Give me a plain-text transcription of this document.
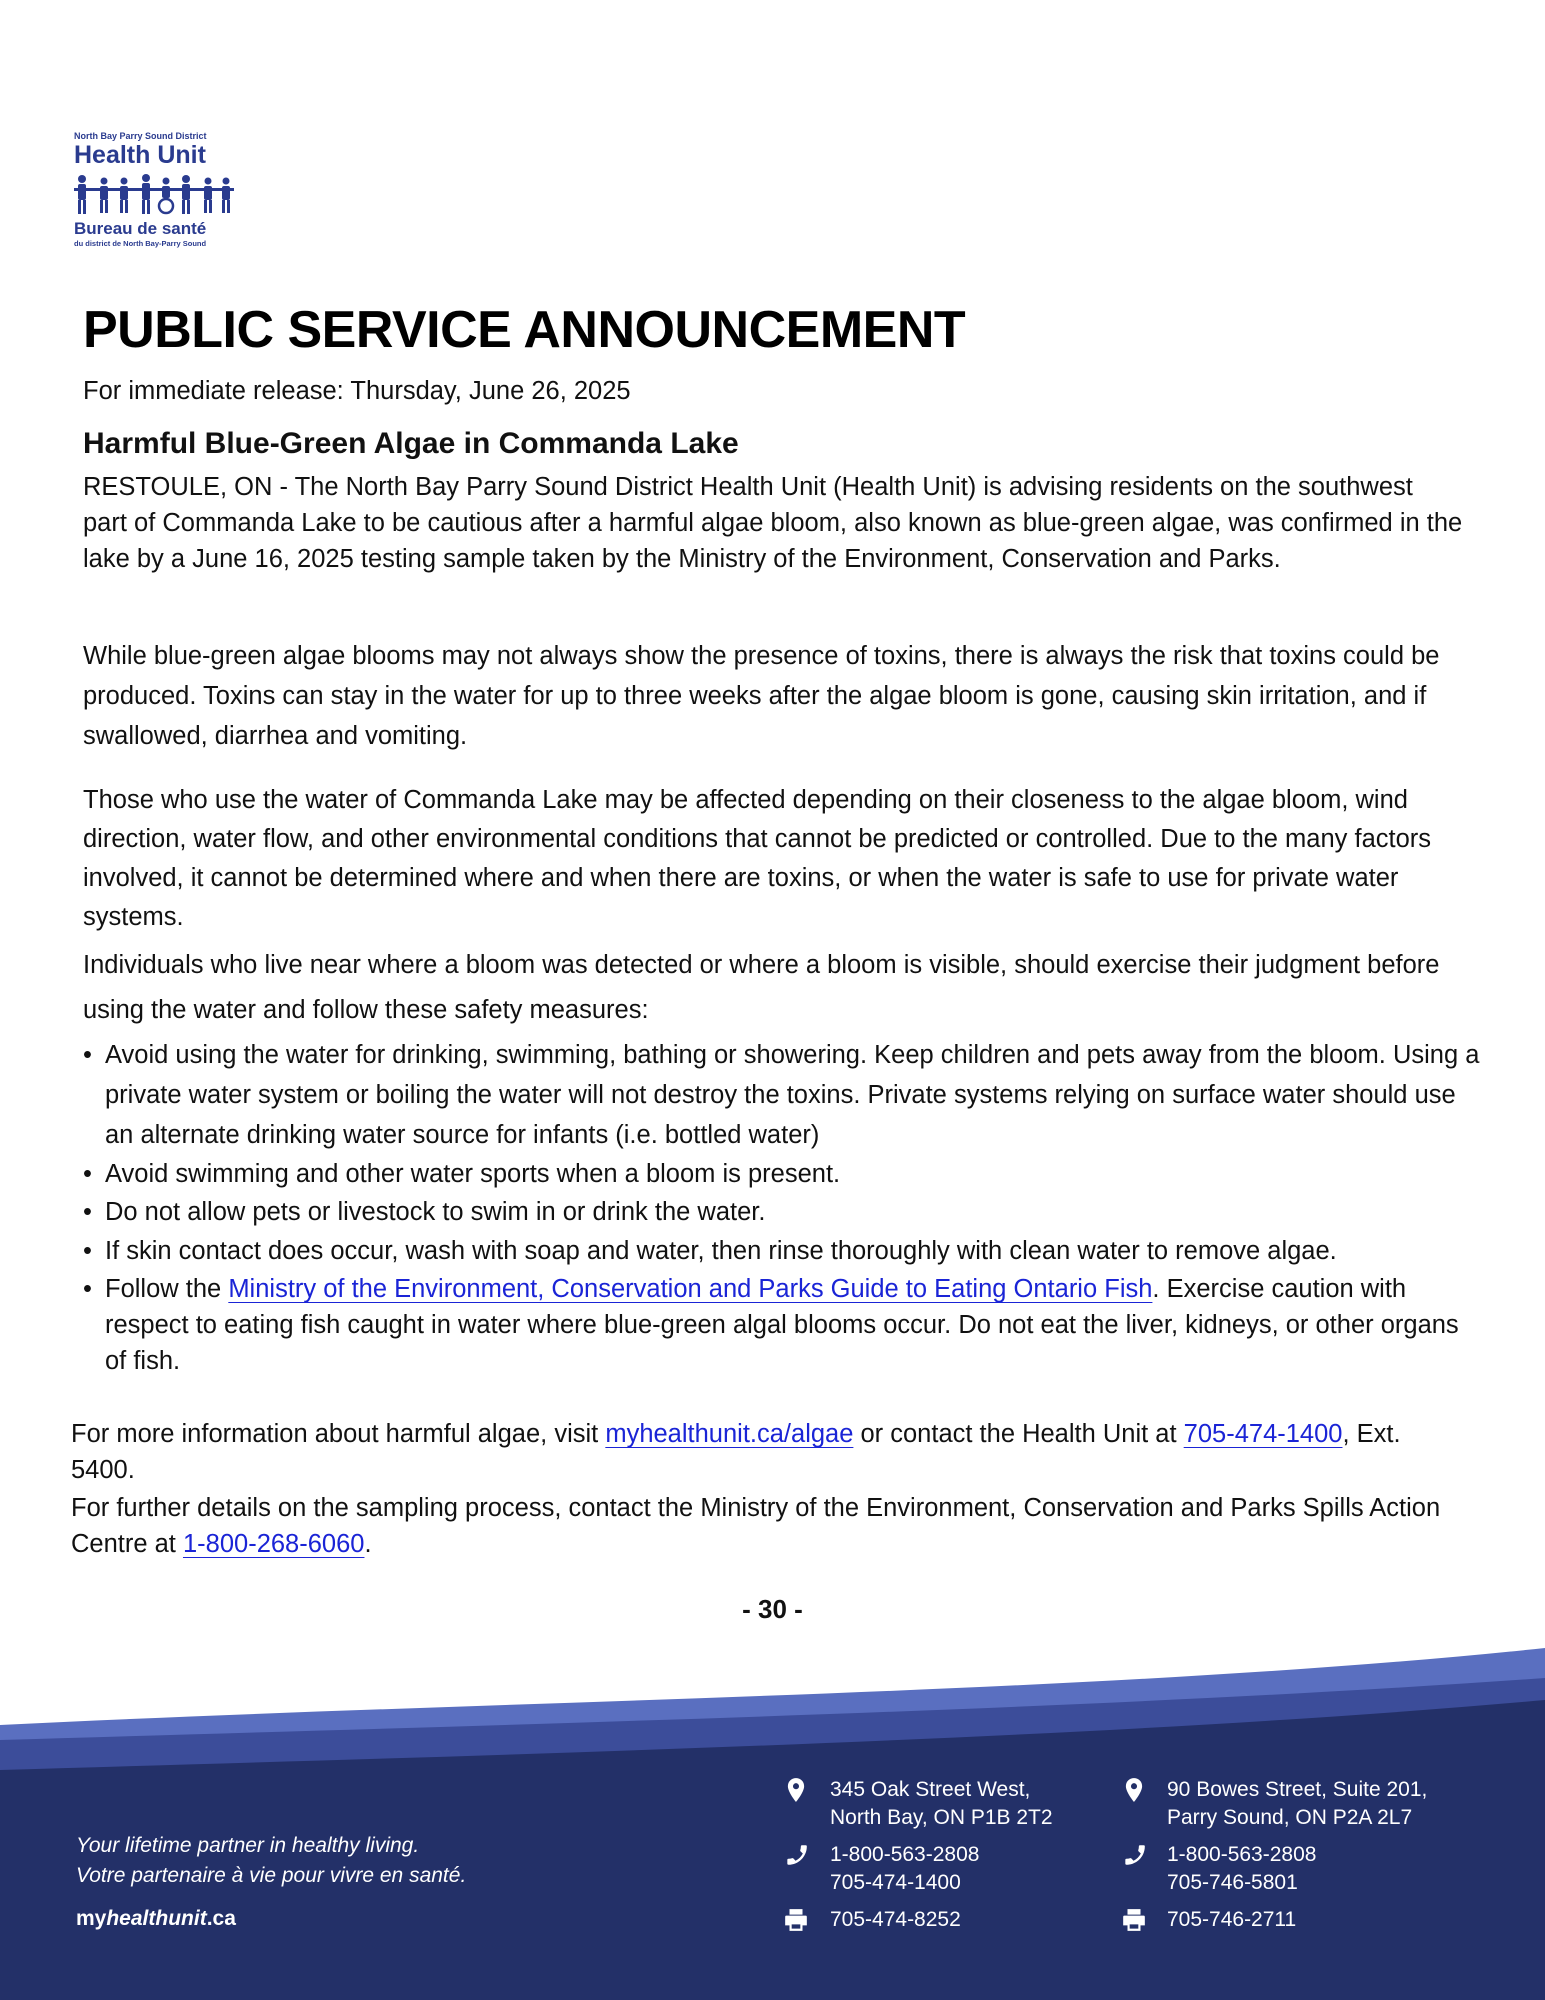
North Bay Parry Sound District
Health Unit
Bureau de santé
du district de North Bay-Parry Sound
PUBLIC SERVICE ANNOUNCEMENT

For immediate release: Thursday, June 26, 2025

Harmful Blue-Green Algae in Commanda Lake

RESTOULE, ON - The North Bay Parry Sound District Health Unit (Health Unit) is advising residents on the southwest part of Commanda Lake to be cautious after a harmful algae bloom, also known as blue-green algae, was confirmed in the lake by a June 16, 2025 testing sample taken by the Ministry of the Environment, Conservation and Parks.

While blue-green algae blooms may not always show the presence of toxins, there is always the risk that toxins could be produced. Toxins can stay in the water for up to three weeks after the algae bloom is gone, causing skin irritation, and if swallowed, diarrhea and vomiting.

Those who use the water of Commanda Lake may be affected depending on their closeness to the algae bloom, wind direction, water flow, and other environmental conditions that cannot be predicted or controlled. Due to the many factors involved, it cannot be determined where and when there are toxins, or when the water is safe to use for private water systems.

Individuals who live near where a bloom was detected or where a bloom is visible, should exercise their judgment before using the water and follow these safety measures:

• Avoid using the water for drinking, swimming, bathing or showering. Keep children and pets away from the bloom. Using a private water system or boiling the water will not destroy the toxins. Private systems relying on surface water should use an alternate drinking water source for infants (i.e. bottled water)
• Avoid swimming and other water sports when a bloom is present.
• Do not allow pets or livestock to swim in or drink the water.
• If skin contact does occur, wash with soap and water, then rinse thoroughly with clean water to remove algae.
• Follow the Ministry of the Environment, Conservation and Parks Guide to Eating Ontario Fish. Exercise caution with respect to eating fish caught in water where blue-green algal blooms occur. Do not eat the liver, kidneys, or other organs of fish.

For more information about harmful algae, visit myhealthunit.ca/algae or contact the Health Unit at 705-474-1400, Ext. 5400.

For further details on the sampling process, contact the Ministry of the Environment, Conservation and Parks Spills Action Centre at 1-800-268-6060.

- 30 -

Your lifetime partner in healthy living.
Votre partenaire à vie pour vivre en santé.

myhealthunit.ca

345 Oak Street West,
North Bay, ON P1B 2T2

1-800-563-2808
705-474-1400

705-474-8252

90 Bowes Street, Suite 201,
Parry Sound, ON P2A 2L7

1-800-563-2808
705-746-5801

705-746-2711
